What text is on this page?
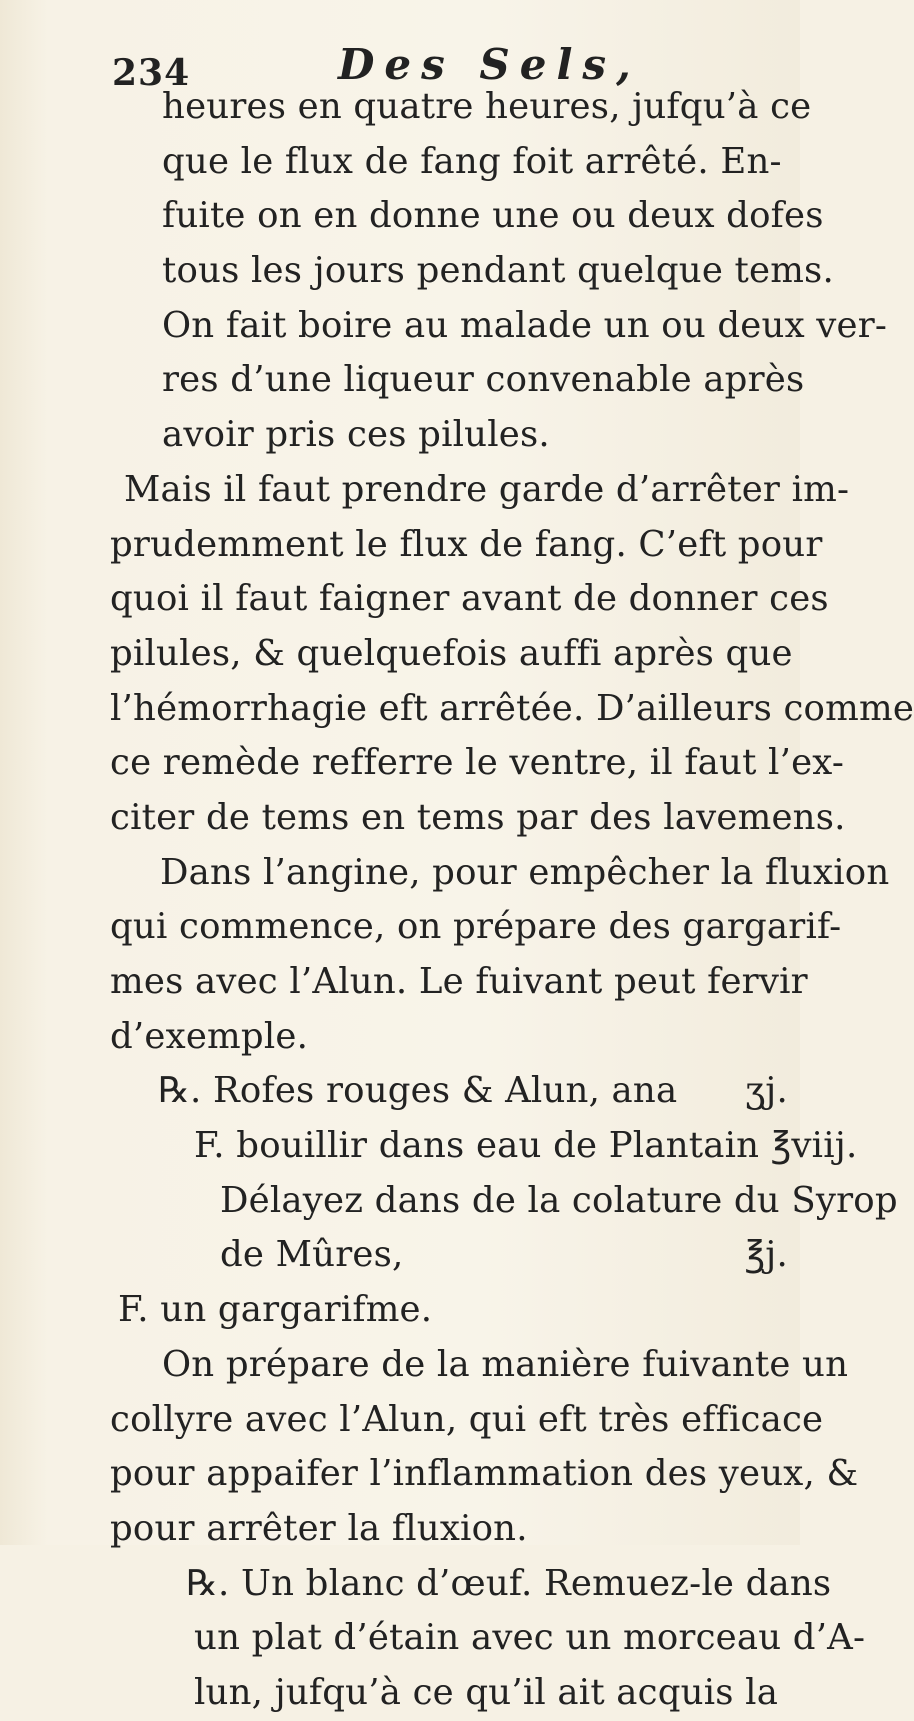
234	Des Sels,
heures en quatre heures, jufqu’à ce
que le flux de fang foit arrêté. En-
fuite on en donne une ou deux dofes
tous les jours pendant quelque tems.
On fait boire au malade un ou deux ver-
res d’une liqueur convenable après
avoir pris ces pilules.
Mais il faut prendre garde d’arrêter im-
prudemment le flux de fang. C’eft pour
quoi il faut faigner avant de donner ces
pilules, & quelquefois auffi après que
l’hémorrhagie eft arrêtée. D’ailleurs comme
ce remède refferre le ventre, il faut l’ex-
citer de tems en tems par des lavemens.
Dans l’angine, pour empêcher la fluxion
qui commence, on prépare des gargarif-
mes avec l’Alun. Le fuivant peut fervir
d’exemple.
℞. Rofes rouges & Alun, ana ʒj.
F. bouillir dans eau de Plantain ℥viij.
Délayez dans de la colature du Syrop
de Mûres,	℥j.
F. un gargarifme.
On prépare de la manière fuivante un
collyre avec l’Alun, qui eft très efficace
pour appaifer l’inflammation des yeux, &
pour arrêter la fluxion.
℞. Un blanc d’œuf. Remuez-le dans
un plat d’étain avec un morceau d’A-
lun, jufqu’à ce qu’il ait acquis la
